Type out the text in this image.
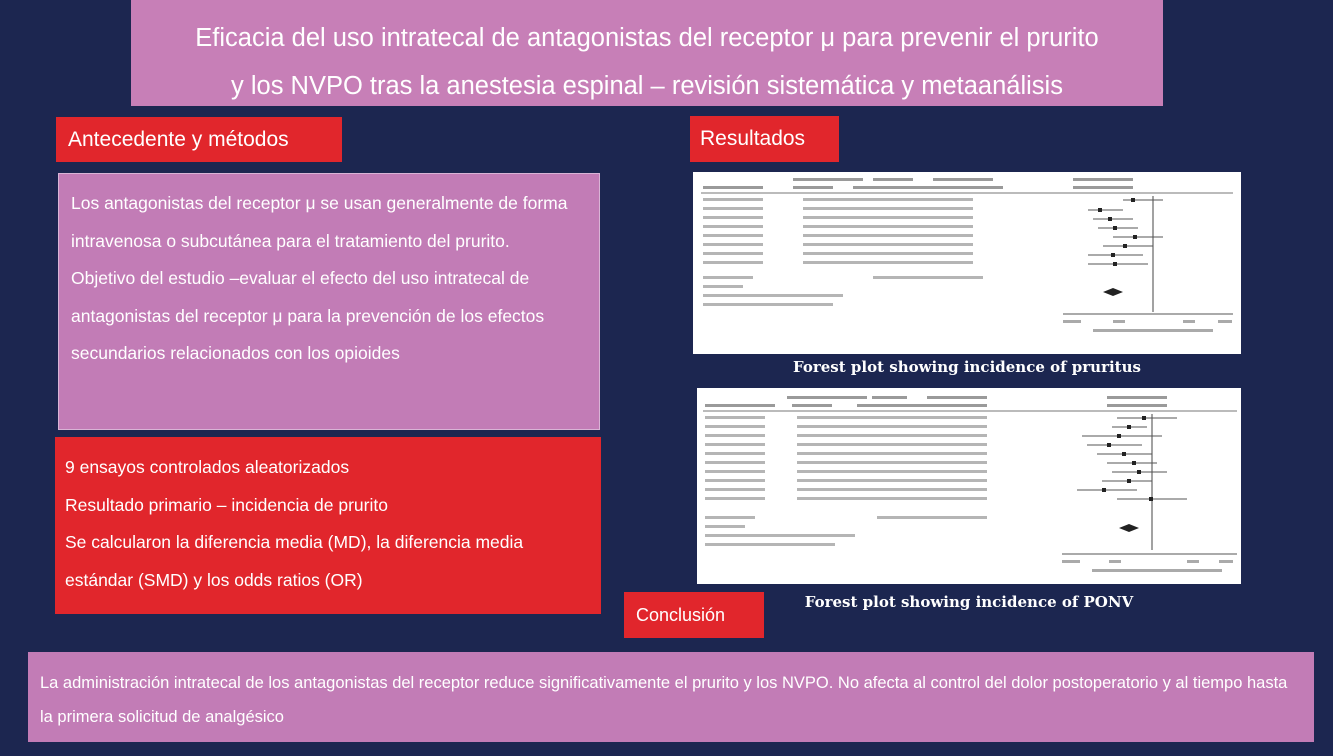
Eficacia del uso intratecal de antagonistas del receptor μ para prevenir el prurito
y los NVPO tras la anestesia espinal – revisión sistemática y metaanálisis
Antecedente y métodos
Los antagonistas del receptor μ se usan generalmente de forma intravenosa o subcutánea para el tratamiento del prurito.
Objetivo del estudio –evaluar el efecto del uso intratecal de antagonistas del receptor μ para la prevención de los efectos secundarios relacionados con los opioides
9 ensayos controlados aleatorizados
Resultado primario – incidencia de prurito
Se calcularon la diferencia media (MD), la diferencia media estándar (SMD) y los odds ratios (OR)
Resultados
Forest plot showing incidence of pruritus
Forest plot showing incidence of PONV
Conclusión
La administración intratecal de los antagonistas del receptor reduce significativamente el prurito y los NVPO. No afecta al control del dolor postoperatorio y al tiempo hasta la primera solicitud de analgésico
